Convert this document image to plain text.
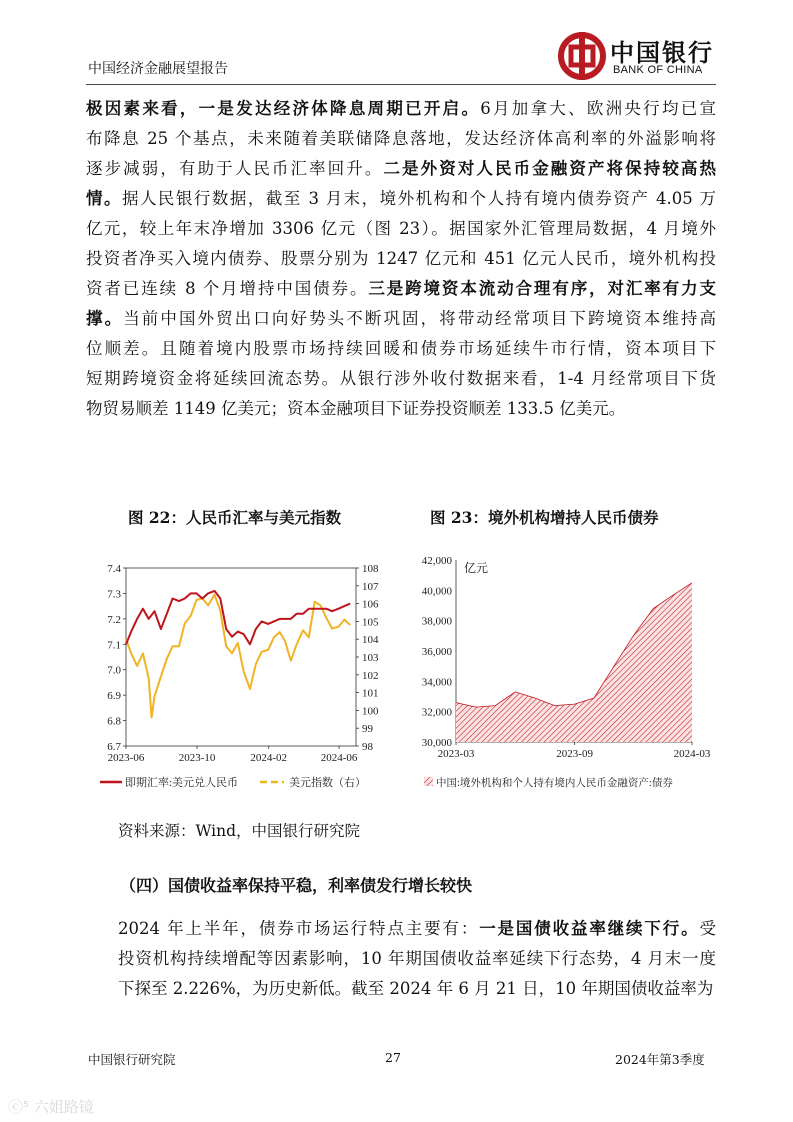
中国经济金融展望报告
中国银行
BANK OF CHINA
极因素来看，一是发达经济体降息周期已开启。6月加拿大、欧洲央行均已宣
布降息 25 个基点，未来随着美联储降息落地，发达经济体高利率的外溢影响将
逐步减弱，有助于人民币汇率回升。二是外资对人民币金融资产将保持较高热
情。据人民银行数据，截至 3 月末，境外机构和个人持有境内债券资产 4.05 万
亿元，较上年末净增加 3306 亿元（图 23）。据国家外汇管理局数据，4 月境外
投资者净买入境内债券、股票分别为 1247 亿元和 451 亿元人民币，境外机构投
资者已连续 8 个月增持中国债券。三是跨境资本流动合理有序，对汇率有力支
撑。当前中国外贸出口向好势头不断巩固，将带动经常项目下跨境资本维持高
位顺差。且随着境内股票市场持续回暖和债券市场延续牛市行情，资本项目下
短期跨境资金将延续回流态势。从银行涉外收付数据来看，1-4 月经常项目下货
物贸易顺差 1149 亿美元；资本金融项目下证券投资顺差 133.5 亿美元。
图 22：人民币汇率与美元指数	图 23：境外机构增持人民币债券
7.4
7.3
7.2
7.1
7.0
6.9
6.8
6.7
108
107
106
105
104
103
102
101
100
99
98
2023-06	2023-10	2024-02	2024-06
即期汇率:美元兑人民币	美元指数（右）
42,000
40,000
38,000
36,000
34,000
32,000
30,000
亿元
2023-03	2023-09	2024-03
中国:境外机构和个人持有境内人民币金融资产:债券
资料来源：Wind，中国银行研究院
（四）国债收益率保持平稳，利率债发行增长较快
2024 年上半年，债券市场运行特点主要有：一是国债收益率继续下行。受
投资机构持续增配等因素影响，10 年期国债收益率延续下行态势，4 月末一度
下探至 2.226%，为历史新低。截至 2024 年 6 月 21 日，10 年期国债收益率为
中国银行研究院	27	2024年第3季度
ⓒ⁵ 六姐路镜
